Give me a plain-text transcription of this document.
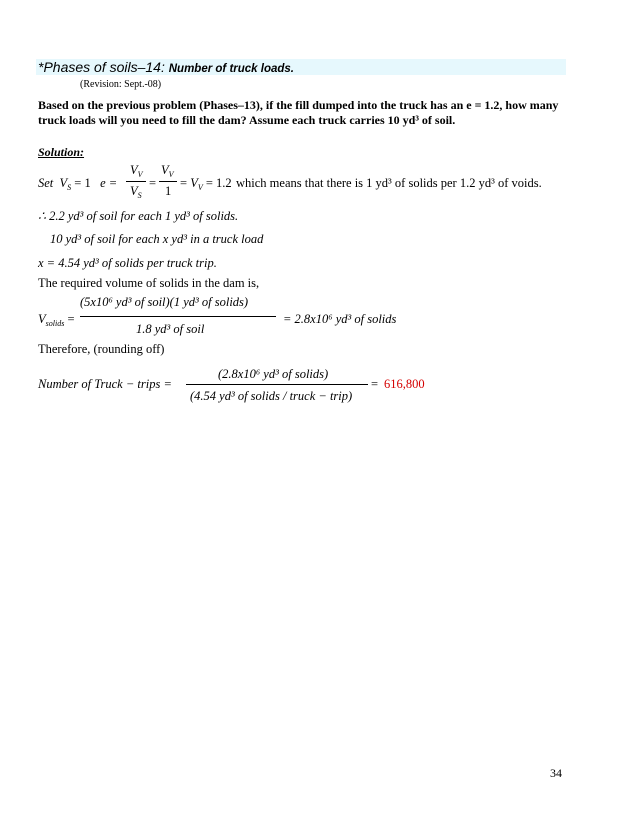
*Phases of soils–14: Number of truck loads.
(Revision: Sept.-08)
Based on the previous problem (Phases–13), if the fill dumped into the truck has an e = 1.2, how many truck loads will you need to fill the dam? Assume each truck carries 10 yd³ of soil.
Solution:
Set  $V_S = 1$   e =
$V_V$
$V_S$
=
$V_V$
1
= $V_V = 1.2$ which means that there is 1 yd³ of solids per 1.2 yd³ of voids.
∴ 2.2 yd³ of soil for each 1 yd³ of solids.
10 yd³ of soil for each x yd³ in a truck load
x = 4.54 yd³ of solids per truck trip.
The required volume of solids in the dam is,
$V_{solids}$ =
(5x10⁶ yd³ of soil)(1 yd³ of solids)
1.8 yd³ of soil
= 2.8x10⁶ yd³ of solids
Therefore, (rounding off)
Number of Truck − trips =
(2.8x10⁶ yd³ of solids)
(4.54 yd³ of solids / truck − trip)
= 616,800
34
